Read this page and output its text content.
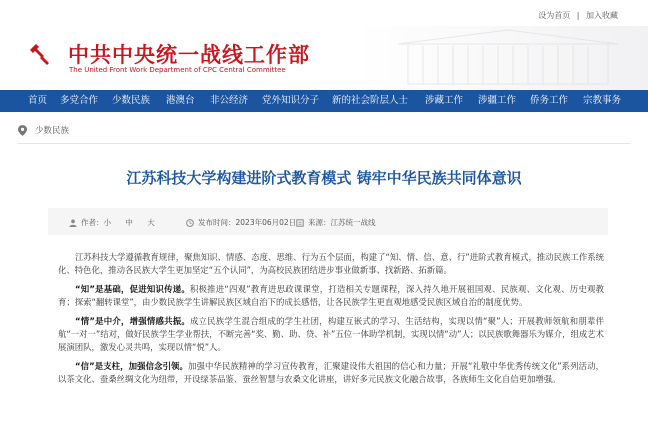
设为首页 | 加入收藏
中共中央统一战线工作部
The United Front Work Department of CPC Central Committee
首页 多党合作 少数民族 港澳台 非公经济 党外知识分子 新的社会阶层人士 涉藏工作 涉疆工作 侨务工作 宗教事务
少数民族
江苏科技大学构建进阶式教育模式 铸牢中华民族共同体意识
作者： 小 中 大	发布时间：2023年06月02日 来源：江苏统一战线

江苏科技大学遵循教育规律，聚焦知识、情感、态度、思维、行为五个层面，构建了“知、情、信、意、行”进阶式教育模式，推动民族工作系统化、特色化，推动各民族大学生更加坚定“五个认同”，为高校民族团结进步事业做新事、找新路、拓新篇。

“知”是基础，促进知识传递。积极推进“四观”教育进思政课课堂，打造相关专题课程，深入持久地开展祖国观、民族观、文化观、历史观教育；探索“翻转课堂”，由少数民族学生讲解民族区域自治下的成长感悟，让各民族学生更直观地感受民族区域自治的制度优势。

“情”是中介，增强情感共振。成立民族学生混合组成的学生社团，构建互嵌式的学习、生活结构，实现以情“聚”人；开展教师领航和朋辈伴航“一对一”结对，做好民族学生学业帮扶，不断完善“奖、勤、助、贷、补”五位一体助学机制，实现以情“动”人；以民族歌舞器乐为媒介，组成艺术展演团队，激发心灵共鸣，实现以情“悦”人。

“信”是支柱，加强信念引领。加强中华民族精神的学习宣传教育，汇聚建设伟大祖国的信心和力量；开展“礼敬中华优秀传统文化”系列活动，以茶文化、蚕桑丝绸文化为纽带，开设绿茶品鉴、蚕丝智慧与农桑文化讲座，讲好多元民族文化融合故事，各族师生文化自信更加增强。
